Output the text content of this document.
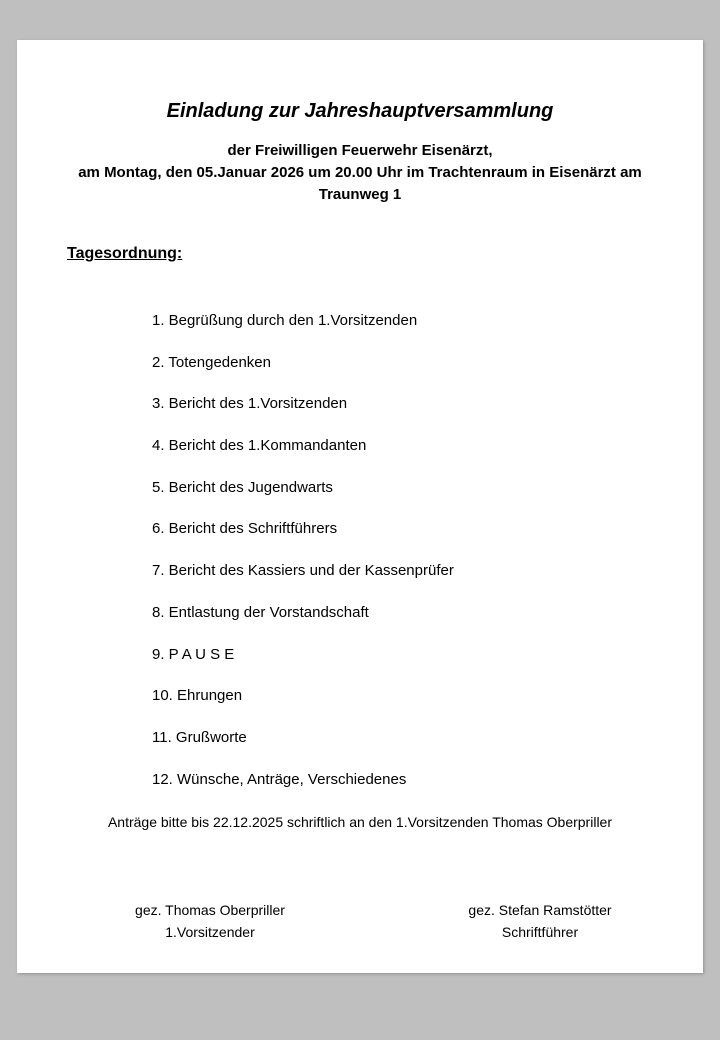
Einladung zur Jahreshauptversammlung
der Freiwilligen Feuerwehr Eisenärzt,
am Montag, den 05.Januar 2026 um 20.00 Uhr im Trachtenraum in Eisenärzt am
Traunweg 1
Tagesordnung:
1. Begrüßung durch den 1.Vorsitzenden
2. Totengedenken
3. Bericht des 1.Vorsitzenden
4. Bericht des 1.Kommandanten
5. Bericht des Jugendwarts
6. Bericht des Schriftführers
7. Bericht des Kassiers und der Kassenprüfer
8. Entlastung der Vorstandschaft
9. P A U S E
10. Ehrungen
11. Grußworte
12. Wünsche, Anträge, Verschiedenes
Anträge bitte bis 22.12.2025 schriftlich an den 1.Vorsitzenden Thomas Oberpriller
gez. Thomas Oberpriller
1.Vorsitzender
gez. Stefan Ramstötter
Schriftführer
